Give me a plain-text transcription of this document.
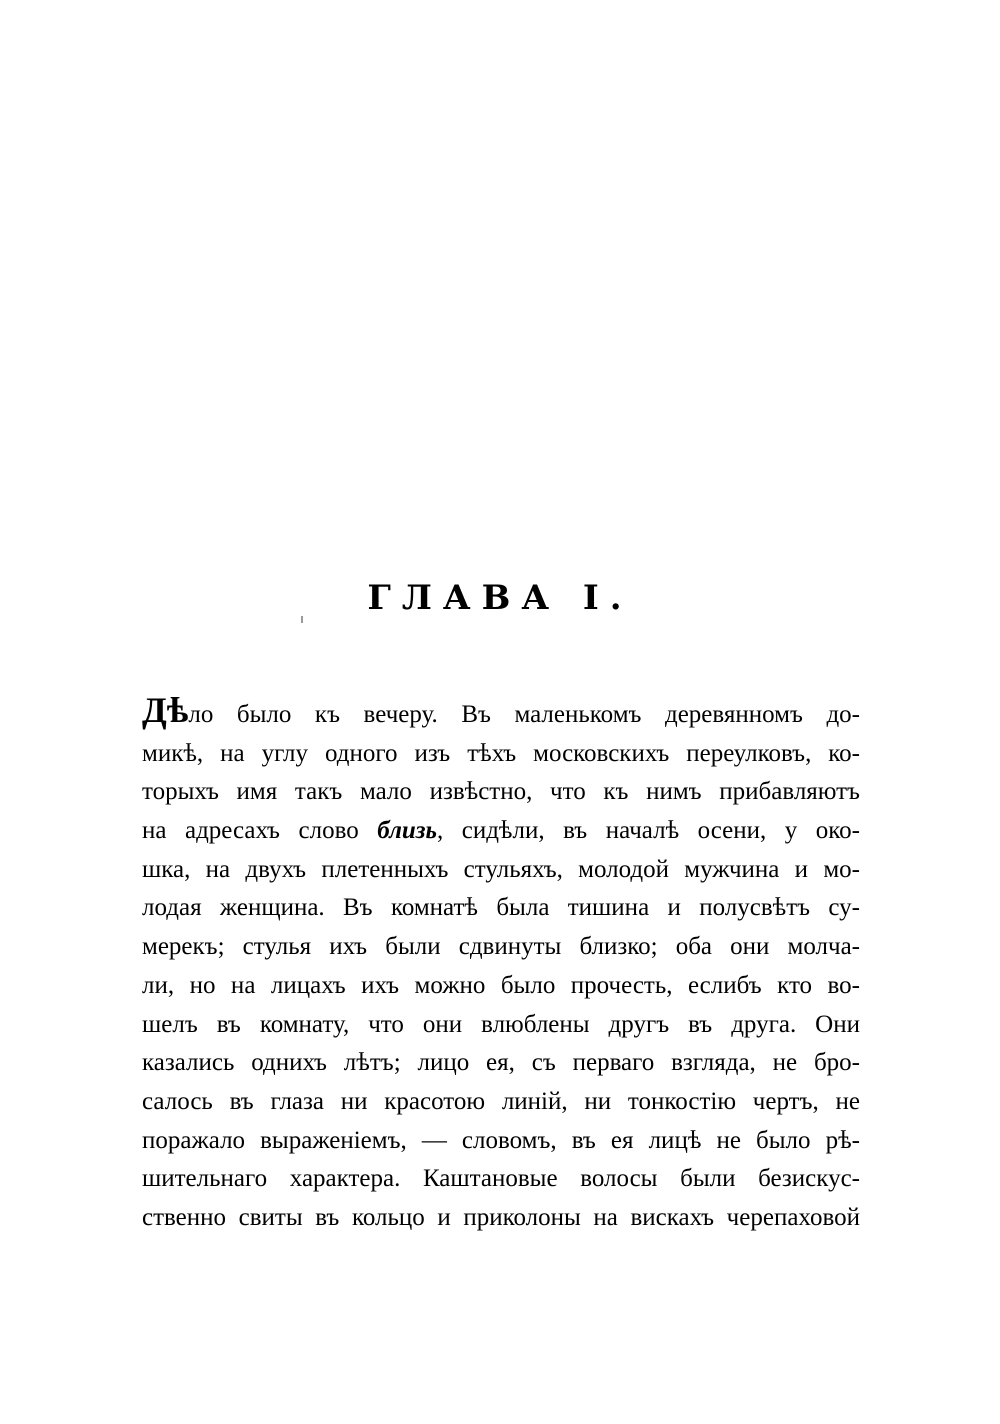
ГЛАВА I.
Дѣло было къ вечеру. Въ маленькомъ деревянномъ до-
микѣ, на углу одного изъ тѣхъ московскихъ переулковъ, ко-
торыхъ имя такъ мало извѣстно, что къ нимъ прибавляютъ
на адресахъ слово близь, сидѣли, въ началѣ осени, у око-
шка, на двухъ плетенныхъ стульяхъ, молодой мужчина и мо-
лодая женщина. Въ комнатѣ была тишина и полусвѣтъ су-
мерекъ; стулья ихъ были сдвинуты близко; оба они молча-
ли, но на лицахъ ихъ можно было прочесть, еслибъ кто во-
шелъ въ комнату, что они влюблены другъ въ друга. Они
казались однихъ лѣтъ; лицо ея, съ перваго взгляда, не бро-
салось въ глаза ни красотою линій, ни тонкостію чертъ, не
поражало выраженіемъ, — словомъ, въ ея лицѣ не было рѣ-
шительнаго характера. Каштановые волосы были безискус-
ственно свиты въ кольцо и приколоны на вискахъ черепаховой
